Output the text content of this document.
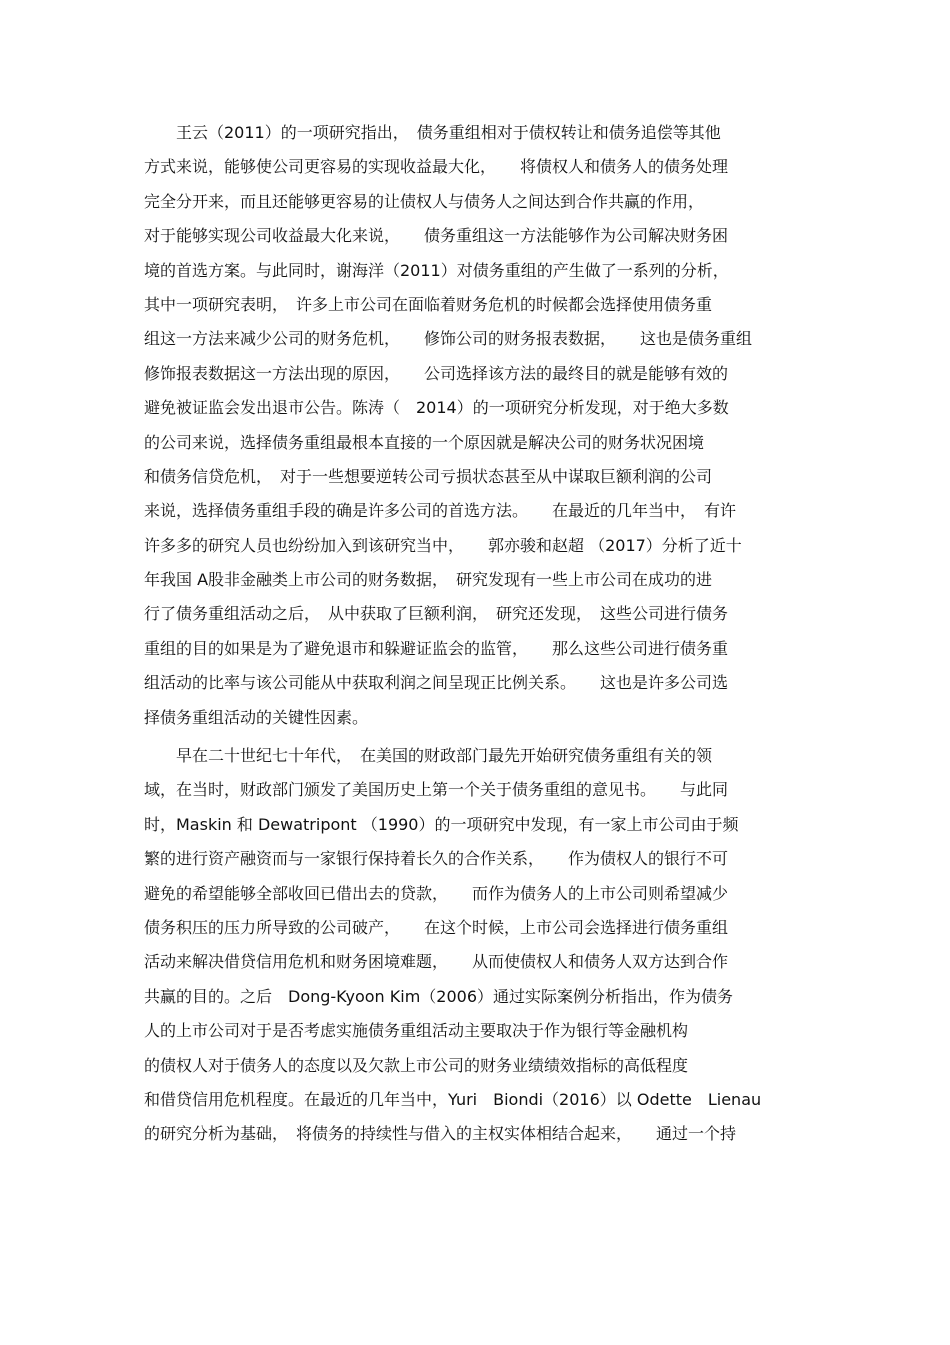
　　王云（2011）的一项研究指出，　债务重组相对于债权转让和债务追偿等其他
方式来说，能够使公司更容易的实现收益最大化，　　将债权人和债务人的债务处理
完全分开来，而且还能够更容易的让债权人与债务人之间达到合作共赢的作用，
对于能够实现公司收益最大化来说，　　债务重组这一方法能够作为公司解决财务困
境的首选方案。与此同时，谢海洋（2011）对债务重组的产生做了一系列的分析，
其中一项研究表明，　许多上市公司在面临着财务危机的时候都会选择使用债务重
组这一方法来减少公司的财务危机，　　修饰公司的财务报表数据，　　这也是债务重组
修饰报表数据这一方法出现的原因，　　公司选择该方法的最终目的就是能够有效的
避免被证监会发出退市公告。陈涛（　2014）的一项研究分析发现，对于绝大多数
的公司来说，选择债务重组最根本直接的一个原因就是解决公司的财务状况困境
和债务信贷危机，　对于一些想要逆转公司亏损状态甚至从中谋取巨额利润的公司
来说，选择债务重组手段的确是许多公司的首选方法。　　在最近的几年当中，　有许
许多多的研究人员也纷纷加入到该研究当中，　　郭亦骏和赵超 （2017）分析了近十
年我国 A股非金融类上市公司的财务数据，　研究发现有一些上市公司在成功的进
行了债务重组活动之后，　从中获取了巨额利润，　研究还发现，　这些公司进行债务
重组的目的如果是为了避免退市和躲避证监会的监管，　　那么这些公司进行债务重
组活动的比率与该公司能从中获取利润之间呈现正比例关系。　　这也是许多公司选
择债务重组活动的关键性因素。
　　早在二十世纪七十年代，　在美国的财政部门最先开始研究债务重组有关的领
域，在当时，财政部门颁发了美国历史上第一个关于债务重组的意见书。　　与此同
时，Maskin 和 Dewatripont （1990）的一项研究中发现，有一家上市公司由于频
繁的进行资产融资而与一家银行保持着长久的合作关系，　　作为债权人的银行不可
避免的希望能够全部收回已借出去的贷款，　　而作为债务人的上市公司则希望减少
债务积压的压力所导致的公司破产，　　在这个时候，上市公司会选择进行债务重组
活动来解决借贷信用危机和财务困境难题，　　从而使债权人和债务人双方达到合作
共赢的目的。之后　Dong-Kyoon Kim（2006）通过实际案例分析指出，作为债务
人的上市公司对于是否考虑实施债务重组活动主要取决于作为银行等金融机构
的债权人对于债务人的态度以及欠款上市公司的财务业绩绩效指标的高低程度
和借贷信用危机程度。在最近的几年当中，Yuri　Biondi（2016）以 Odette　Lienau
的研究分析为基础，　将债务的持续性与借入的主权实体相结合起来，　　通过一个持
